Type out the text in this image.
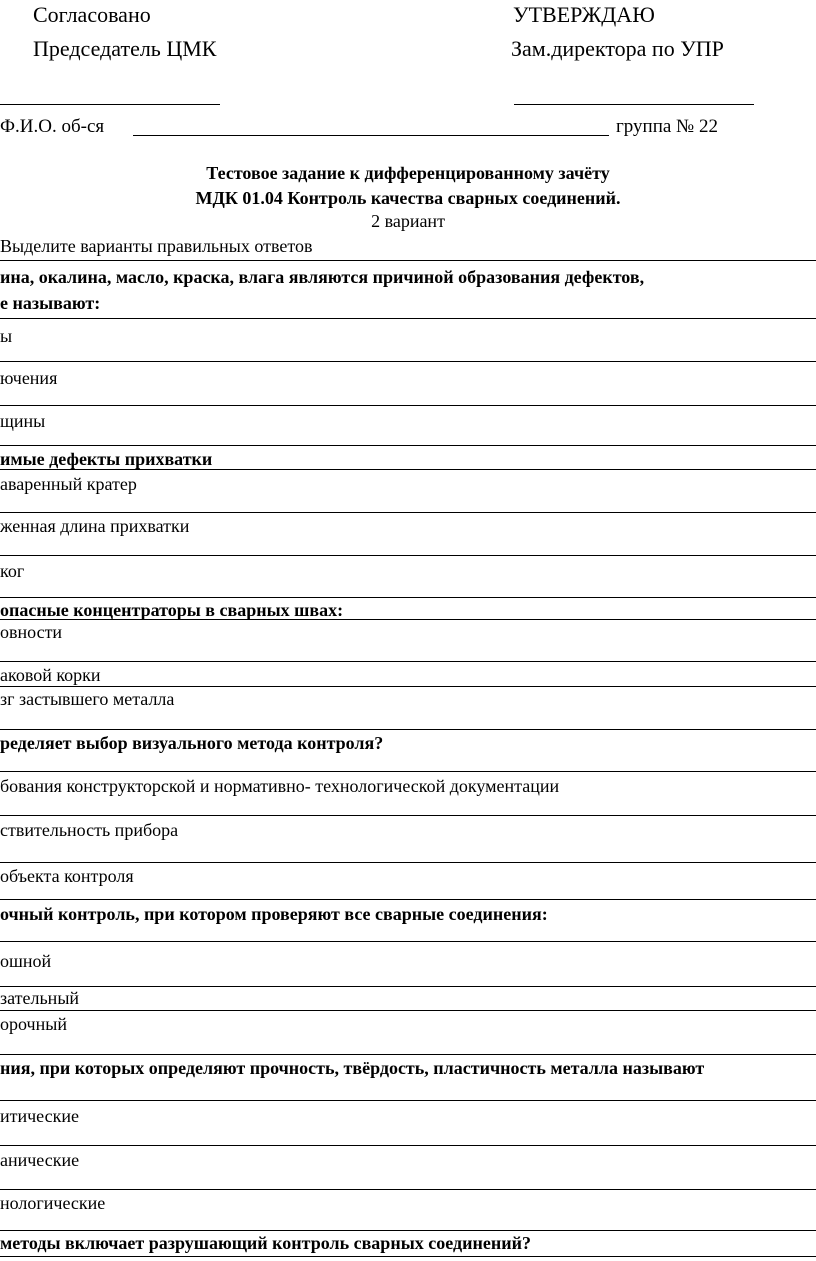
Согласовано
Председатель ЦМК
УТВЕРЖДАЮ
Зам.директора по УПР
Ф.И.О. об-ся	группа № 22
Тестовое задание к дифференцированному зачёту
МДК 01.04 Контроль качества сварных соединений.
2 вариант
Выделите варианты правильных ответов
ина, окалина, масло, краска, влага являются причиной образования дефектов,
е называют:
ы
ючения
щины
имые дефекты прихватки
аваренный кратер
женная длина прихватки
ког
опасные концентраторы в сварных швах:
овности
аковой корки
зг застывшего металла
ределяет выбор визуального метода контроля?
бования конструкторской и нормативно- технологической документации
ствительность прибора
объекта контроля
очный контроль, при котором проверяют все сварные соединения:
ошной
зательный
орочный
ния, при которых определяют прочность, твёрдость, пластичность металла называют
итические
анические
нологические
методы включает разрушающий контроль сварных соединений?
